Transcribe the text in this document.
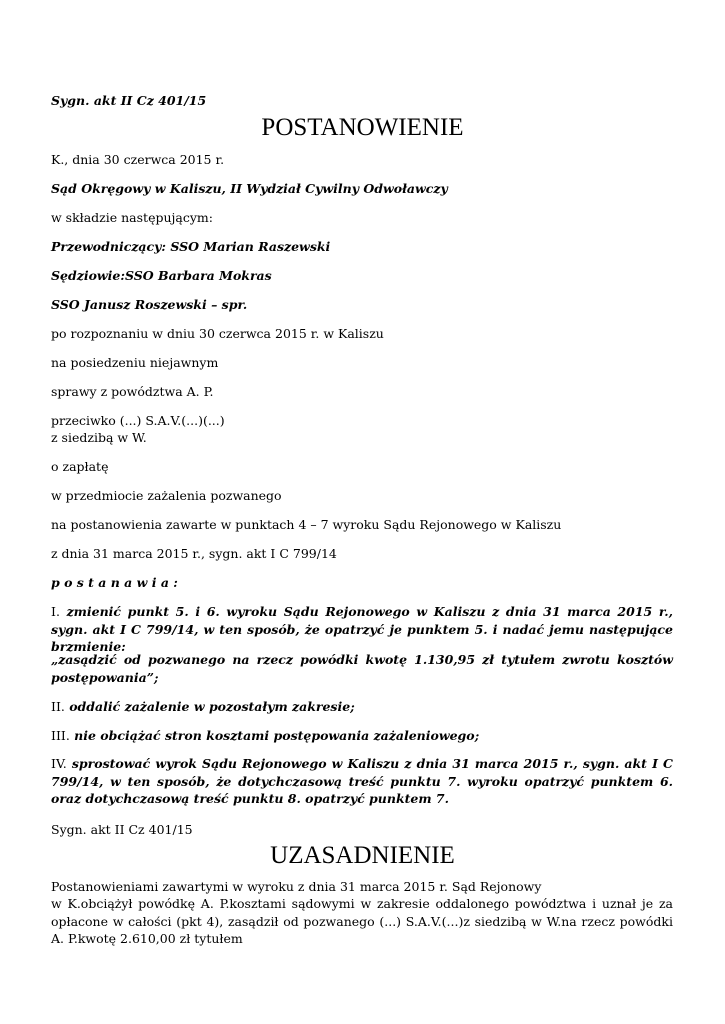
Sygn. akt II Cz 401/15
POSTANOWIENIE
K., dnia 30 czerwca 2015 r.
Sąd Okręgowy w Kaliszu, II Wydział Cywilny Odwoławczy
w składzie następującym:
Przewodniczący: SSO Marian Raszewski
Sędziowie:SSO Barbara Mokras
SSO Janusz Roszewski – spr.
po rozpoznaniu w dniu 30 czerwca 2015 r. w Kaliszu
na posiedzeniu niejawnym
sprawy z powództwa A. P.
przeciwko (...) S.A.V.(...)(...)
z siedzibą w W.
o zapłatę
w przedmiocie zażalenia pozwanego
na postanowienia zawarte w punktach 4 – 7 wyroku Sądu Rejonowego w Kaliszu
z dnia 31 marca 2015 r., sygn. akt I C 799/14
p o s t a n a w i a :
I. zmienić punkt 5. i 6. wyroku Sądu Rejonowego w Kaliszu z dnia 31 marca 2015 r., sygn. akt I C 799/14, w ten sposób, że opatrzyć je punktem 5. i nadać jemu następujące brzmienie:
„zasądzić od pozwanego na rzecz powódki kwotę 1.130,95 zł tytułem zwrotu kosztów postępowania”;
II. oddalić zażalenie w pozostałym zakresie;
III. nie obciążać stron kosztami postępowania zażaleniowego;
IV. sprostować wyrok Sądu Rejonowego w Kaliszu z dnia 31 marca 2015 r., sygn. akt I C 799/14, w ten sposób, że dotychczasową treść punktu 7. wyroku opatrzyć punktem 6. oraz dotychczasową treść punktu 8. opatrzyć punktem 7.
Sygn. akt II Cz 401/15
UZASADNIENIE
Postanowieniami zawartymi w wyroku z dnia 31 marca 2015 r. Sąd Rejonowy
w K.obciążył powódkę A. P.kosztami sądowymi w zakresie oddalonego powództwa i uznał je za opłacone w całości (pkt 4), zasądził od pozwanego (...) S.A.V.(...)z siedzibą w W.na rzecz powódki A. P.kwotę 2.610,00 zł tytułem
